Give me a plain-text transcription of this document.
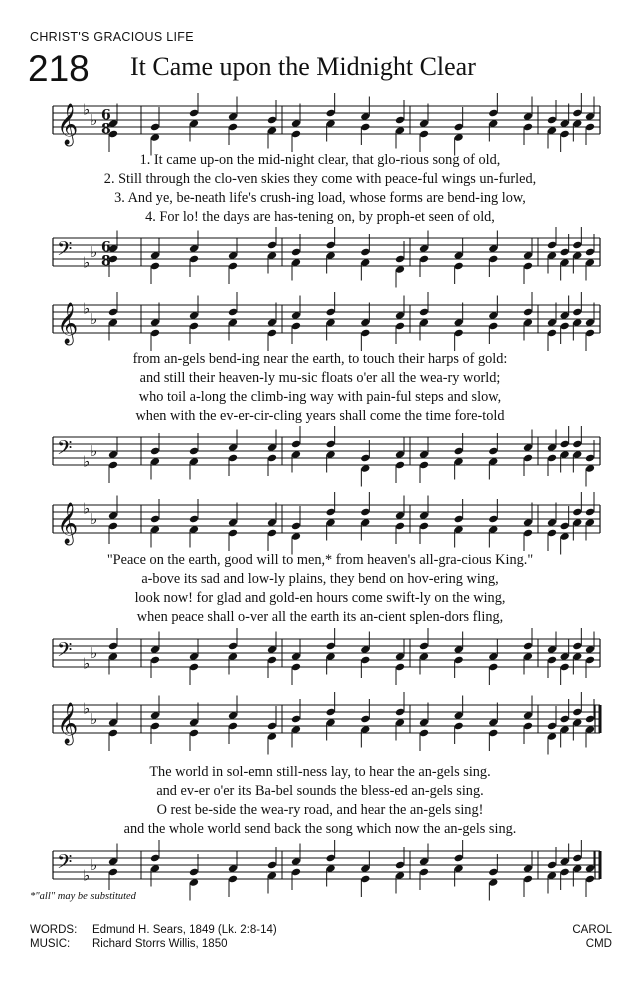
CHRIST'S GRACIOUS LIFE
218 It Came upon the Midnight Clear
𝄞 ♭
♭ 6
8
1. It came up-on the mid-night clear, that glo-rious song of old,
2. Still through the clo-ven skies they come with peace-ful wings un-furled,
3. And ye, be-neath life's crush-ing load, whose forms are bend-ing low,
4. For lo! the days are has-tening on, by proph-et seen of old,
𝄢 ♭
♭ 6
8
𝄞 ♭
♭
from an-gels bend-ing near the earth, to touch their harps of gold:
and still their heaven-ly mu-sic floats o'er all the wea-ry world;
who toil a-long the climb-ing way with pain-ful steps and slow,
when with the ev-er-cir-cling years shall come the time fore-told
𝄢 ♭
♭
𝄞 ♭
♭
"Peace on the earth, good will to men,* from heaven's all-gra-cious King."
a-bove its sad and low-ly plains, they bend on hov-ering wing,
look now! for glad and gold-en hours come swift-ly on the wing,
when peace shall o-ver all the earth its an-cient splen-dors fling,
𝄢 ♭
♭
𝄞 ♭
♭
The world in sol-emn still-ness lay, to hear the an-gels sing.
and ev-er o'er its Ba-bel sounds the bless-ed an-gels sing.
O rest be-side the wea-ry road, and hear the an-gels sing!
and the whole world send back the song which now the an-gels sing.
𝄢 ♭
♭
*"all" may be substituted
WORDS: Edmund H. Sears, 1849 (Lk. 2:8-14)
MUSIC: Richard Storrs Willis, 1850
CAROL
CMD
